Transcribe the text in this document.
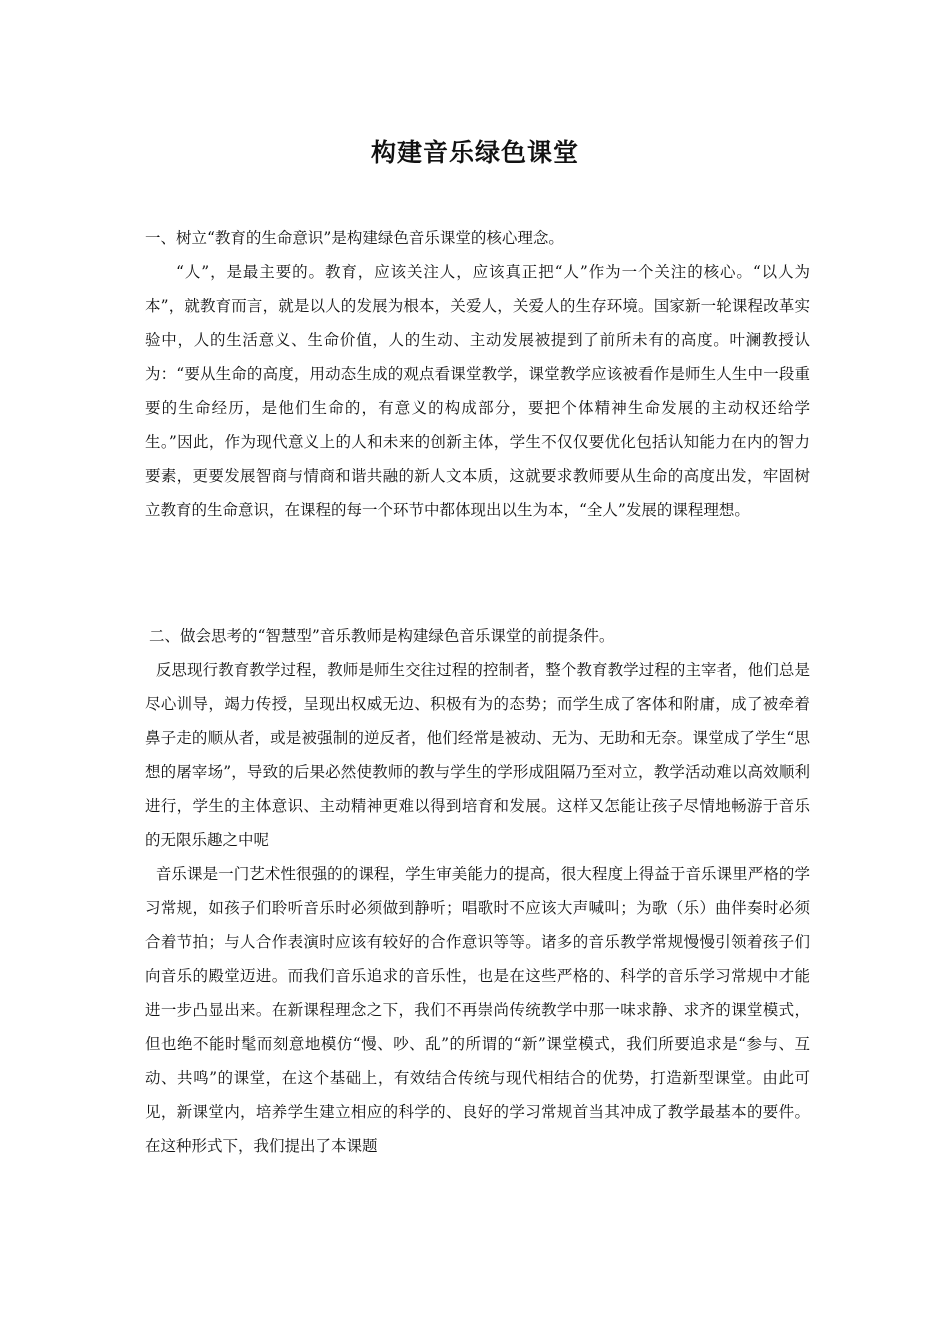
构建音乐绿色课堂

一、树立“教育的生命意识”是构建绿色音乐课堂的核心理念。

“人”，是最主要的。教育，应该关注人，应该真正把“人”作为一个关注的核心。“以人为本”，就教育而言，就是以人的发展为根本，关爱人，关爱人的生存环境。国家新一轮课程改革实验中，人的生活意义、生命价值，人的生动、主动发展被提到了前所未有的高度。叶澜教授认为：“要从生命的高度，用动态生成的观点看课堂教学，课堂教学应该被看作是师生人生中一段重要的生命经历，是他们生命的，有意义的构成部分，要把个体精神生命发展的主动权还给学生。”因此，作为现代意义上的人和未来的创新主体，学生不仅仅要优化包括认知能力在内的智力要素，更要发展智商与情商和谐共融的新人文本质，这就要求教师要从生命的高度出发，牢固树立教育的生命意识，在课程的每一个环节中都体现出以生为本，“全人”发展的课程理想。

二、做会思考的“智慧型”音乐教师是构建绿色音乐课堂的前提条件。

反思现行教育教学过程，教师是师生交往过程的控制者，整个教育教学过程的主宰者，他们总是尽心训导，竭力传授，呈现出权威无边、积极有为的态势；而学生成了客体和附庸，成了被牵着鼻子走的顺从者，或是被强制的逆反者，他们经常是被动、无为、无助和无奈。课堂成了学生“思想的屠宰场”，导致的后果必然使教师的教与学生的学形成阻隔乃至对立，教学活动难以高效顺利进行，学生的主体意识、主动精神更难以得到培育和发展。这样又怎能让孩子尽情地畅游于音乐的无限乐趣之中呢

音乐课是一门艺术性很强的的课程，学生审美能力的提高，很大程度上得益于音乐课里严格的学习常规，如孩子们聆听音乐时必须做到静听；唱歌时不应该大声喊叫；为歌（乐）曲伴奏时必须合着节拍；与人合作表演时应该有较好的合作意识等等。诸多的音乐教学常规慢慢引领着孩子们向音乐的殿堂迈进。而我们音乐追求的音乐性，也是在这些严格的、科学的音乐学习常规中才能进一步凸显出来。在新课程理念之下，我们不再崇尚传统教学中那一味求静、求齐的课堂模式，但也绝不能时髦而刻意地模仿“慢、吵、乱”的所谓的“新”课堂模式，我们所要追求是“参与、互动、共鸣”的课堂，在这个基础上，有效结合传统与现代相结合的优势，打造新型课堂。由此可见，新课堂内，培养学生建立相应的科学的、良好的学习常规首当其冲成了教学最基本的要件。在这种形式下，我们提出了本课题
